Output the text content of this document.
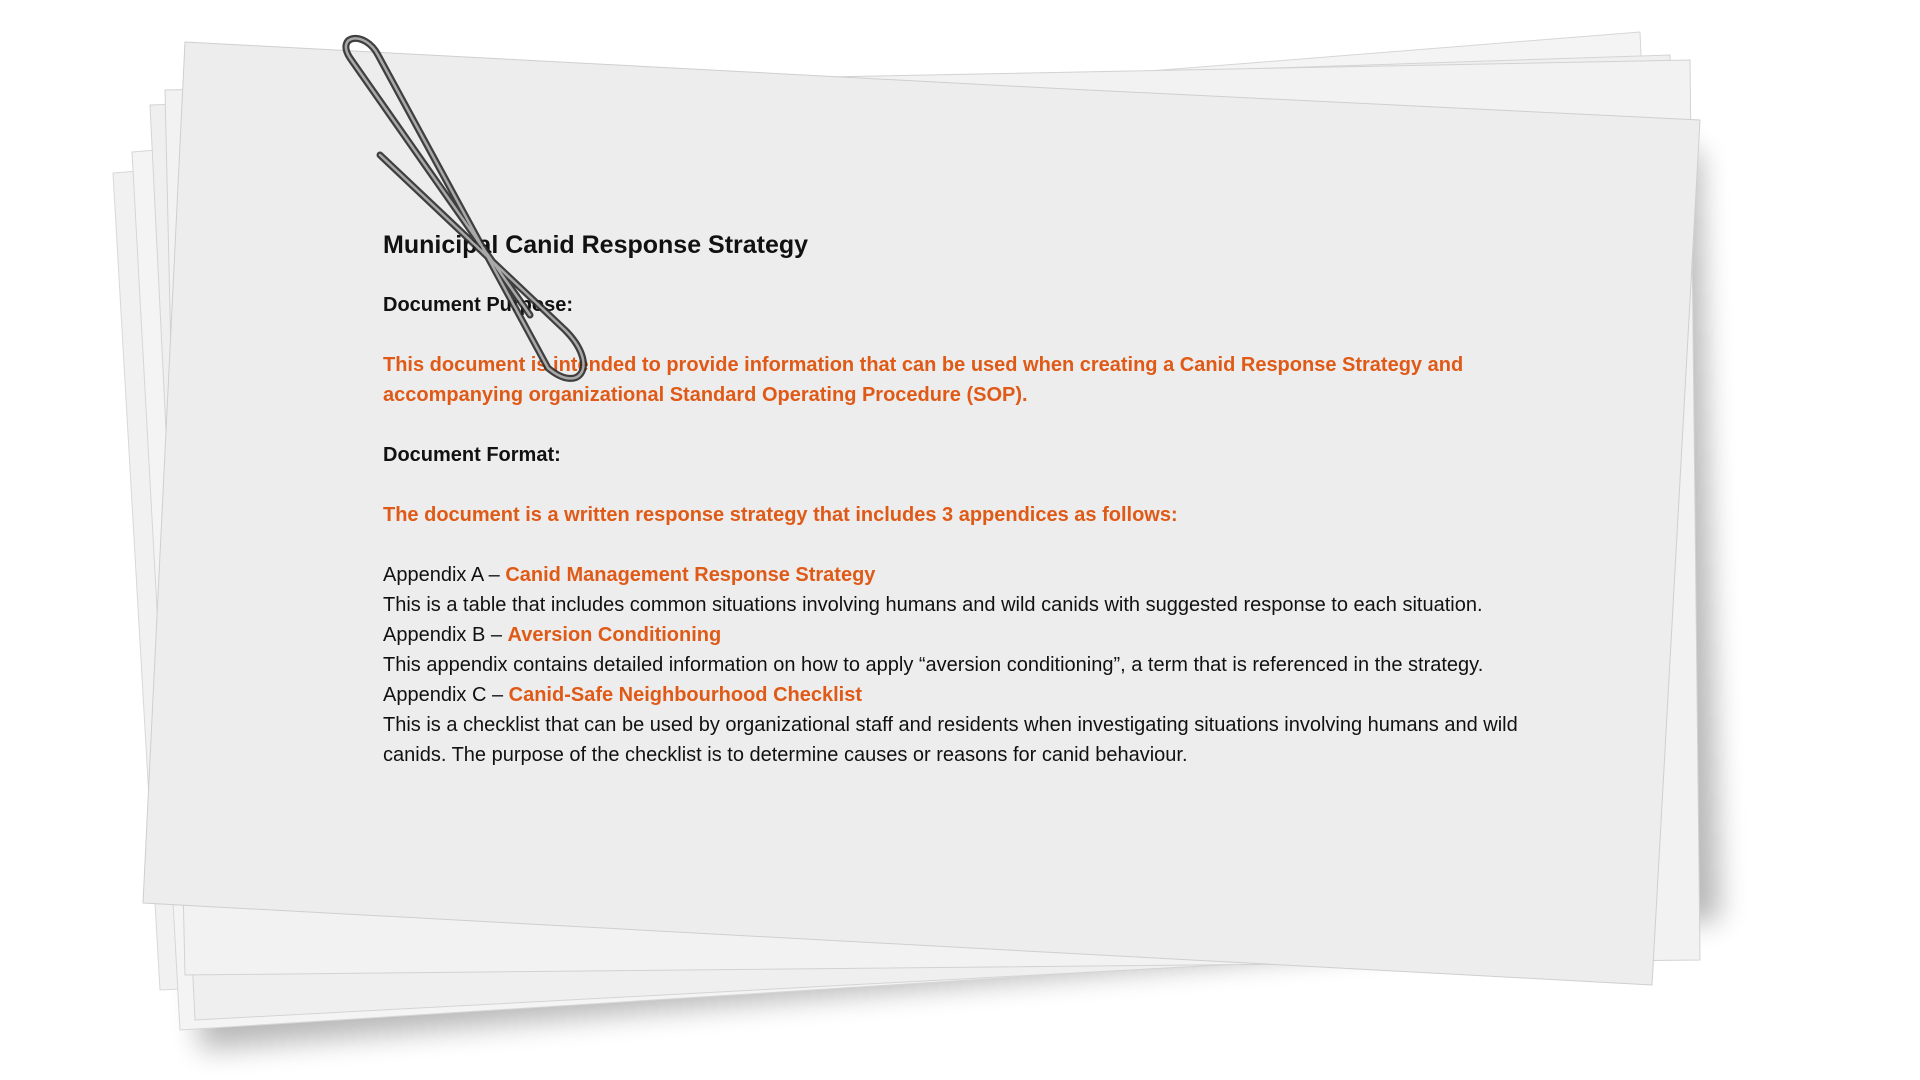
Municipal Canid Response Strategy
Document Purpose:
This document is intended to provide information that can be used when creating a Canid Response Strategy and accompanying organizational Standard Operating Procedure (SOP).
Document Format:
The document is a written response strategy that includes 3 appendices as follows:
Appendix A – Canid Management Response Strategy
This is a table that includes common situations involving humans and wild canids with suggested response to each situation.
Appendix B – Aversion Conditioning
This appendix contains detailed information on how to apply “aversion conditioning”, a term that is referenced in the strategy.
Appendix C – Canid-Safe Neighbourhood Checklist
This is a checklist that can be used by organizational staff and residents when investigating situations involving humans and wild canids. The purpose of the checklist is to determine causes or reasons for canid behaviour.
